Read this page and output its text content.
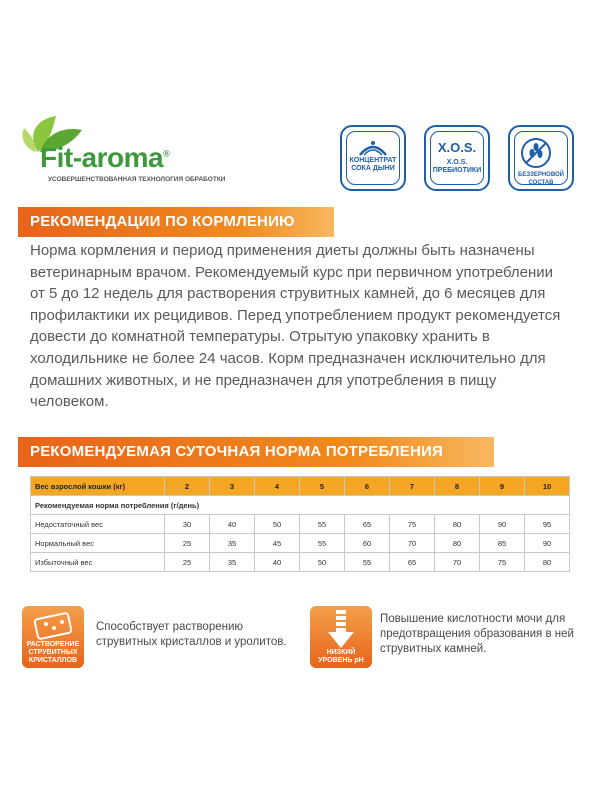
Fit-aroma®
УСОВЕРШЕНСТВОВАННАЯ ТЕХНОЛОГИЯ ОБРАБОТКИ
КОНЦЕНТРАТ
СОКА ДЫНИ
X.O.S.
X.O.S.
ПРЕБИОТИКИ
БЕЗЗЕРНОВОЙ СОСТАВ
РЕКОМЕНДАЦИИ ПО КОРМЛЕНИЮ
Норма кормления и период применения диеты должны быть назначены ветеринарным врачом. Рекомендуемый курс при первичном употреблении от 5 до 12 недель для растворения струвитных камней, до 6 месяцев для профилактики их рецидивов. Перед употреблением продукт рекомендуется довести до комнатной температуры. Отрытую упаковку хранить в холодильнике не более 24 часов. Корм предназначен исключительно для домашних животных, и не предназначен для употребления в пищу человеком.
РЕКОМЕНДУЕМАЯ СУТОЧНАЯ НОРМА ПОТРЕБЛЕНИЯ
Вес взрослой кошки (кг)	2	3	4	5	6	7	8	9	10
Рекомендуемая норма потребления (г/день)									
Недостаточный вес	30	40	50	55	65	75	80	90	95
Нормальный вес	25	35	45	55	60	70	80	85	90
Избыточный вес	25	35	40	50	55	65	70	75	80
РАСТВОРЕНИЕ
СТРУВИТНЫХ
КРИСТАЛЛОВ
Способствует растворению струвитных кристаллов и уролитов.
НИЗКИЙ
УРОВЕНЬ pH
Повышение кислотности мочи для предотвращения образования в ней струвитных камней.
